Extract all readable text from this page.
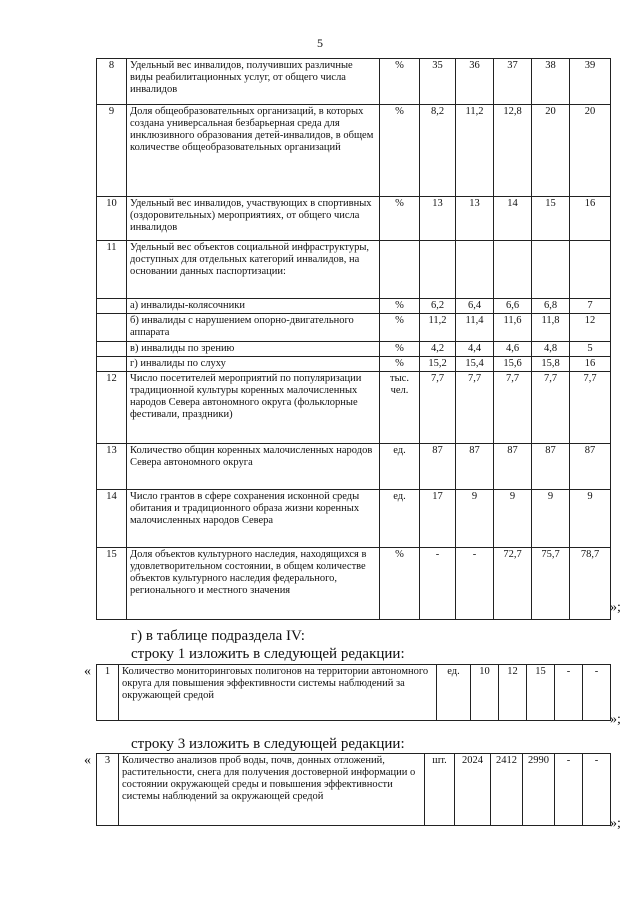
5
8	Удельный вес инвалидов, получивших различные виды реабилитационных услуг, от общего числа инвалидов	%	35	36	37	38	39
9	Доля общеобразовательных организаций, в которых создана универсальная безбарьерная среда для инклюзивного образования детей-инвалидов, в общем количестве общеобразовательных организаций	%	8,2	11,2	12,8	20	20
10	Удельный вес инвалидов, участвующих в спортивных (оздоровительных) мероприятиях, от общего числа инвалидов	%	13	13	14	15	16
11	Удельный вес объектов социальной инфраструктуры, доступных для отдельных категорий инвалидов, на основании данных паспортизации:						
	а) инвалиды-колясочники	%	6,2	6,4	6,6	6,8	7
	б) инвалиды с нарушением опорно-двигательного аппарата	%	11,2	11,4	11,6	11,8	12
	в) инвалиды по зрению	%	4,2	4,4	4,6	4,8	5
	г) инвалиды по слуху	%	15,2	15,4	15,6	15,8	16
12	Число посетителей мероприятий по популяризации традиционной культуры коренных малочисленных народов Севера автономного округа (фольклорные фестивали, праздники)	тыс. чел.	7,7	7,7	7,7	7,7	7,7
13	Количество общин коренных малочисленных народов Севера автономного округа	ед.	87	87	87	87	87
14	Число грантов в сфере сохранения исконной среды обитания и традиционного образа жизни коренных малочисленных народов Севера	ед.	17	9	9	9	9
15	Доля объектов культурного наследия, находящихся в удовлетворительном состоянии, в общем количестве объектов культурного наследия федерального, регионального и местного значения	%	-	-	72,7	75,7	78,7
»;
г) в таблице подраздела IV:
строку 1 изложить в следующей редакции:
« 1	Количество мониторинговых полигонов на территории автономного округа для повышения эффективности системы наблюдений за окружающей средой	ед.	10	12	15	-	-
»;
строку 3 изложить в следующей редакции:
« 3	Количество анализов проб воды, почв, донных отложений, растительности, снега для получения достоверной информации о состоянии окружающей среды и повышения эффективности системы наблюдений за окружающей средой	шт.	2024	2412	2990	-	-
»;
